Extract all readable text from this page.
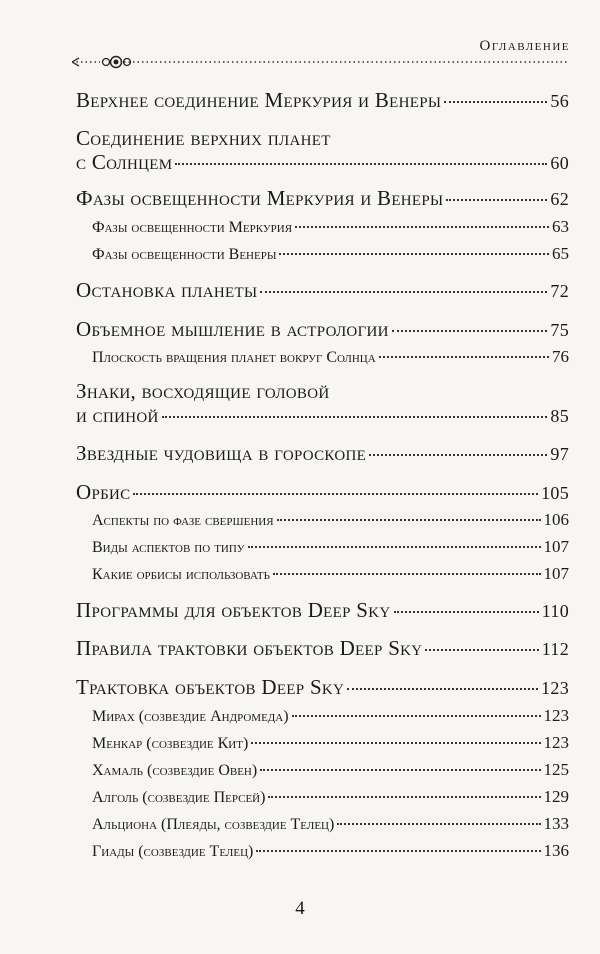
Оглавление
Верхнее соединение Меркурия и Венеры	56
Соединение верхних планет
с Солнцем	60
Фазы освещенности Меркурия и Венеры	62
Фазы освещенности Меркурия	63
Фазы освещенности Венеры	65
Остановка планеты	72
Объемное мышление в астрологии	75
Плоскость вращения планет вокруг Солнца	76
Знаки, восходящие головой
и спиной	85
Звездные чудовища в гороскопе	97
Орбис	105
Аспекты по фазе свершения	106
Виды аспектов по типу	107
Какие орбисы использовать	107
Программы для объектов Deep Sky	110
Правила трактовки объектов Deep Sky	112
Трактовка объектов Deep Sky	123
Мирах (созвездие Андромеда)	123
Менкар (созвездие Кит)	123
Хамаль (созвездие Овен)	125
Алголь (созвездие Персей)	129
Альциона (Плеяды, созвездие Телец)	133
Гиады (созвездие Телец)	136
4
